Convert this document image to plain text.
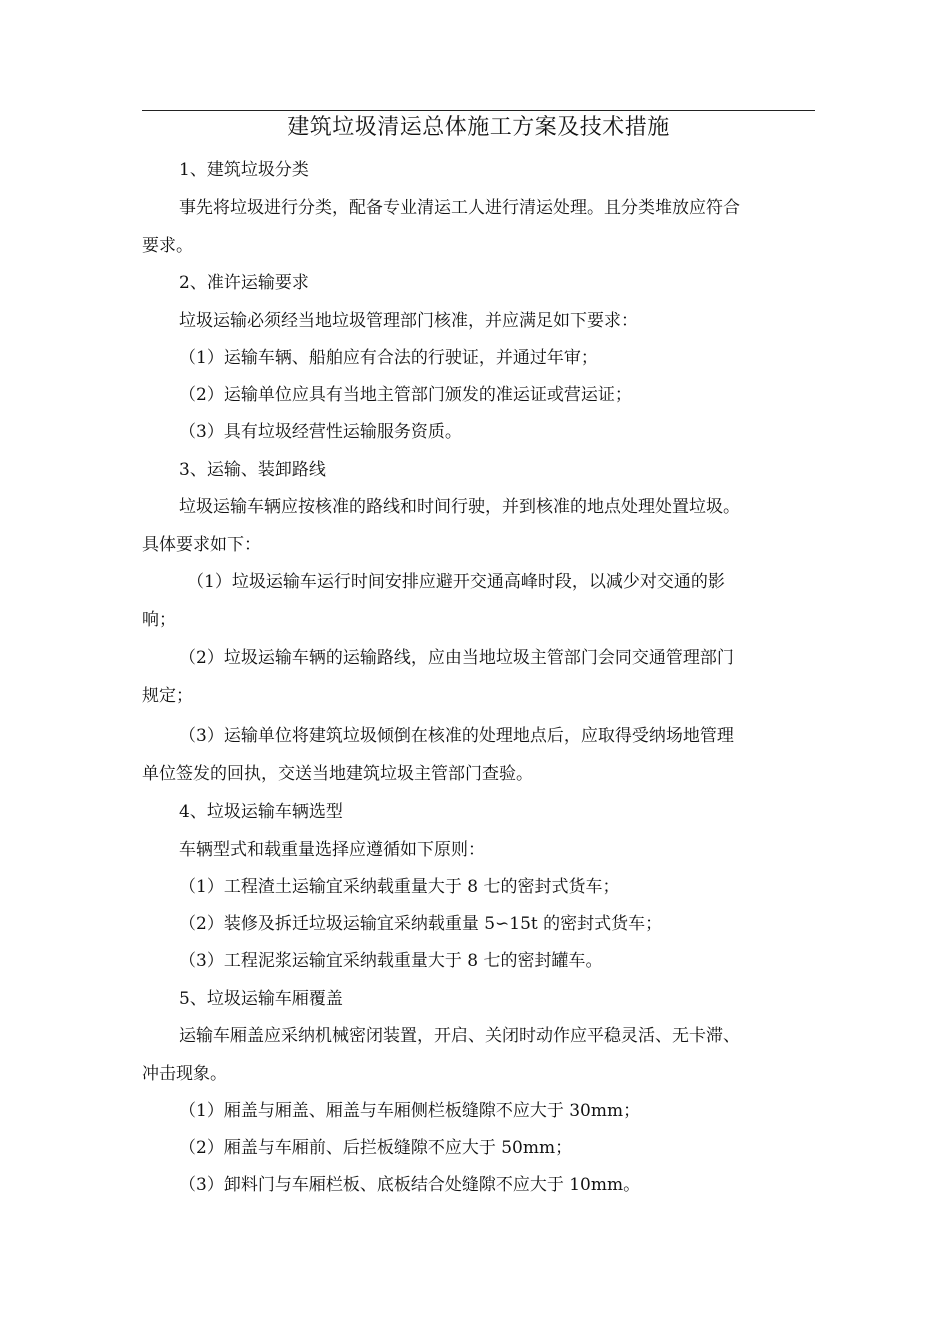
建筑垃圾清运总体施工方案及技术措施
1、建筑垃圾分类
事先将垃圾进行分类，配备专业清运工人进行清运处理。且分类堆放应符合
要求。
2、准许运输要求
垃圾运输必须经当地垃圾管理部门核准，并应满足如下要求：
（1）运输车辆、船舶应有合法的行驶证，并通过年审；
（2）运输单位应具有当地主管部门颁发的准运证或营运证；
（3）具有垃圾经营性运输服务资质。
3、运输、装卸路线
垃圾运输车辆应按核准的路线和时间行驶，并到核准的地点处理处置垃圾。
具体要求如下：
（1）垃圾运输车运行时间安排应避开交通高峰时段，以减少对交通的影
响；
（2）垃圾运输车辆的运输路线，应由当地垃圾主管部门会同交通管理部门
规定；
（3）运输单位将建筑垃圾倾倒在核准的处理地点后，应取得受纳场地管理
单位签发的回执，交送当地建筑垃圾主管部门查验。
4、垃圾运输车辆选型
车辆型式和载重量选择应遵循如下原则：
（1）工程渣土运输宜采纳载重量大于 8 七的密封式货车；
（2）装修及拆迁垃圾运输宜采纳载重量 5∽15t 的密封式货车；
（3）工程泥浆运输宜采纳载重量大于 8 七的密封罐车。
5、垃圾运输车厢覆盖
运输车厢盖应采纳机械密闭装置，开启、关闭时动作应平稳灵活、无卡滞、
冲击现象。
（1）厢盖与厢盖、厢盖与车厢侧栏板缝隙不应大于 30mm；
（2）厢盖与车厢前、后拦板缝隙不应大于 50mm；
（3）卸料门与车厢栏板、底板结合处缝隙不应大于 10mm。
